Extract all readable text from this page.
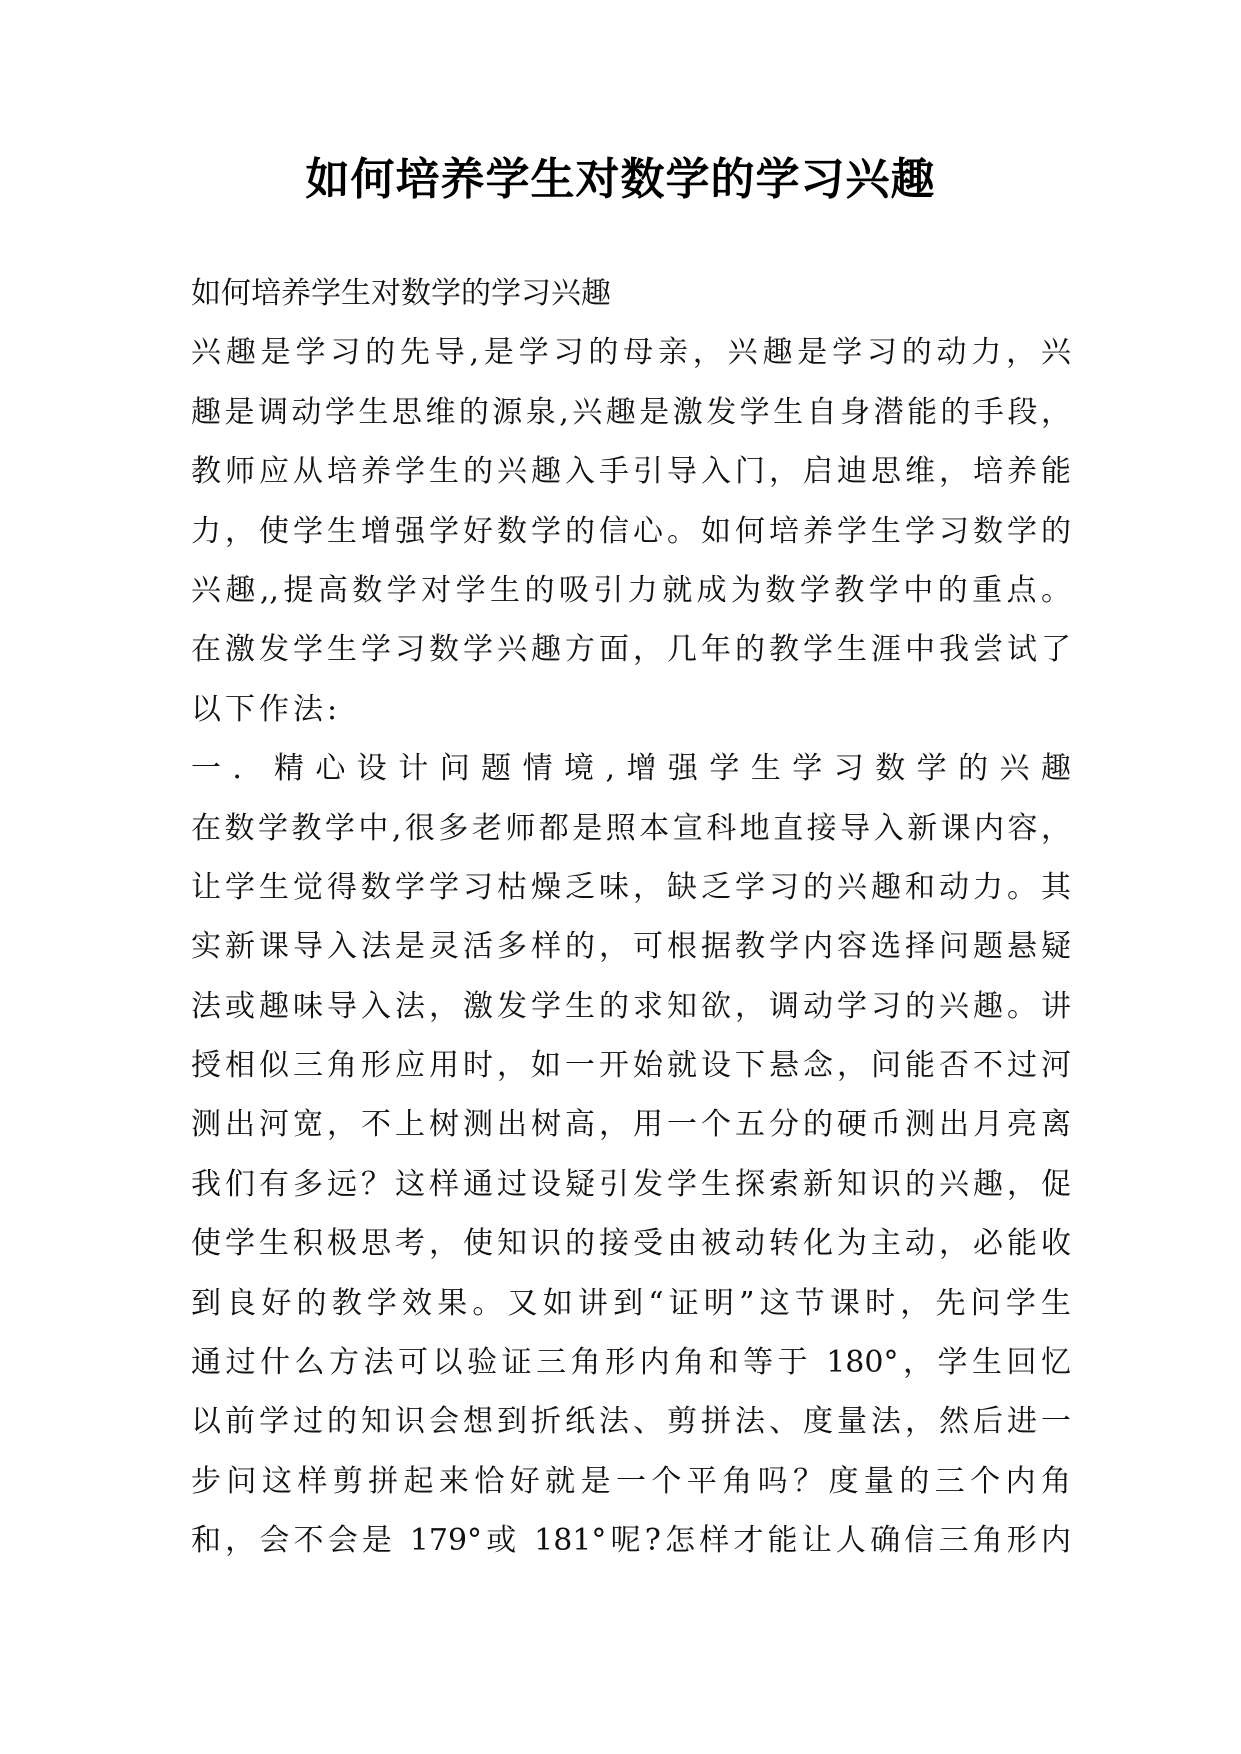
如何培养学生对数学的学习兴趣
如何培养学生对数学的学习兴趣
兴趣是学习的先导,是学习的母亲，兴趣是学习的动力，兴
趣是调动学生思维的源泉,兴趣是激发学生自身潜能的手段，
教师应从培养学生的兴趣入手引导入门，启迪思维，培养能
力，使学生增强学好数学的信心。如何培养学生学习数学的
兴趣,,提高数学对学生的吸引力就成为数学教学中的重点。
在激发学生学习数学兴趣方面，几年的教学生涯中我尝试了
以下作法:
一．精心设计问题情境,增强学生学习数学的兴趣
在数学教学中,很多老师都是照本宣科地直接导入新课内容，
让学生觉得数学学习枯燥乏味，缺乏学习的兴趣和动力。其
实新课导入法是灵活多样的，可根据教学内容选择问题悬疑
法或趣味导入法，激发学生的求知欲，调动学习的兴趣。讲
授相似三角形应用时，如一开始就设下悬念，问能否不过河
测出河宽，不上树测出树高，用一个五分的硬币测出月亮离
我们有多远？这样通过设疑引发学生探索新知识的兴趣，促
使学生积极思考，使知识的接受由被动转化为主动，必能收
到良好的教学效果。又如讲到“证明”这节课时，先问学生
通过什么方法可以验证三角形内角和等于 180°，学生回忆
以前学过的知识会想到折纸法、剪拼法、度量法，然后进一
步问这样剪拼起来恰好就是一个平角吗？度量的三个内角
和，会不会是 179°或 181°呢?怎样才能让人确信三角形内
